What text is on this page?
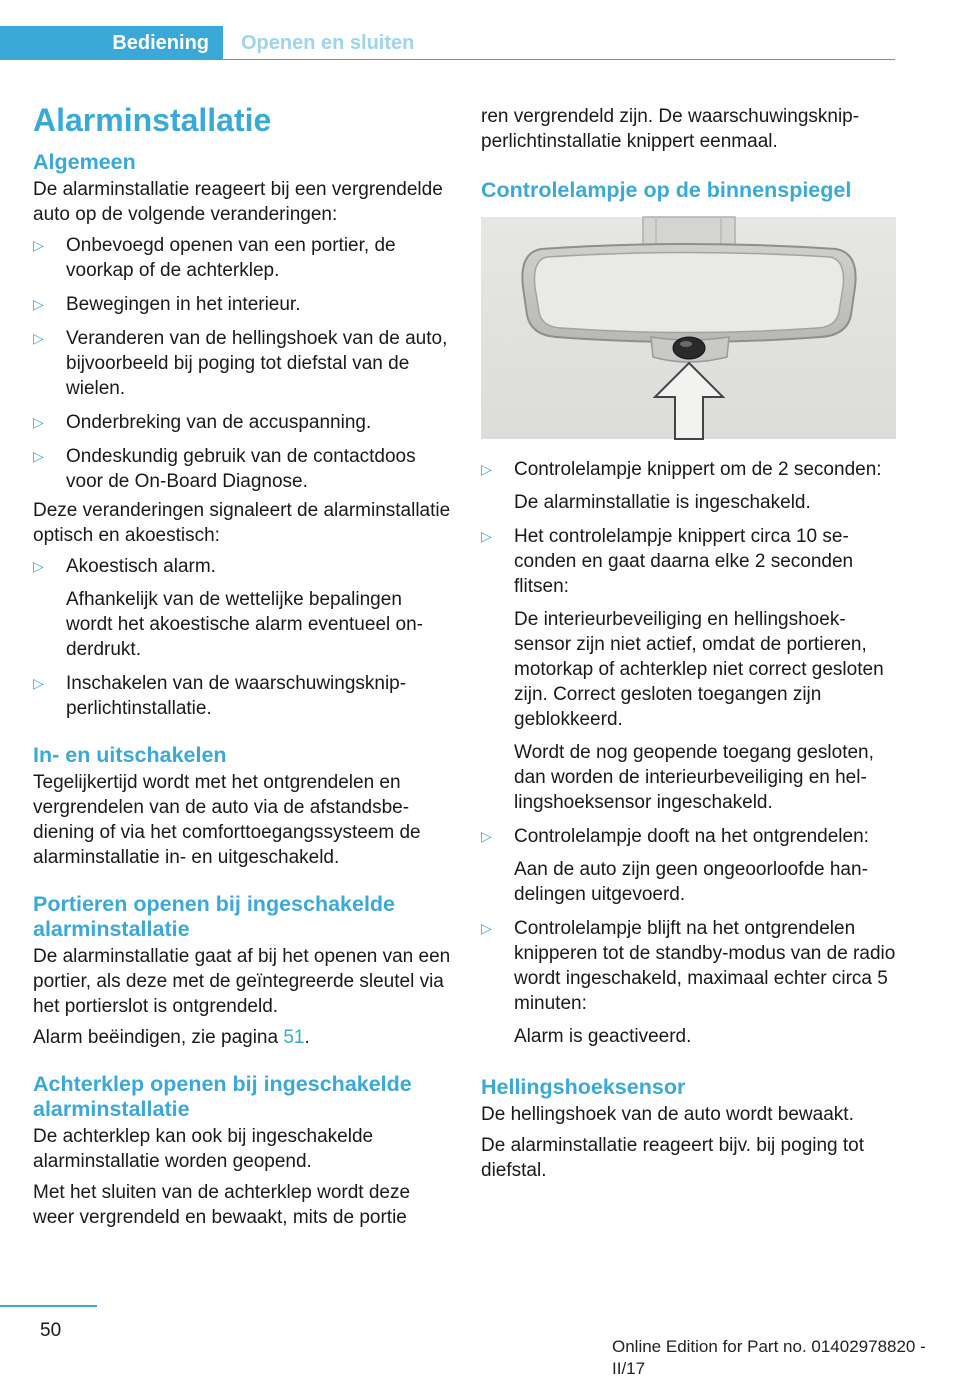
Bediening	Openen en sluiten
Alarminstallatie
Algemeen

De alarminstallatie reageert bij een vergrendelde auto op de volgende veranderingen:

▷ Onbevoegd openen van een portier, de voorkap of de achterklep.
▷ Bewegingen in het interieur.
▷ Veranderen van de hellingshoek van de auto, bijvoorbeeld bij poging tot diefstal van de wielen.
▷ Onderbreking van de accuspanning.
▷ Ondeskundig gebruik van de contactdoos voor de On-Board Diagnose.

Deze veranderingen signaleert de alarminstallatie optisch en akoestisch:

▷ Akoestisch alarm.
Afhankelijk van de wettelijke bepalingen wordt het akoestische alarm eventueel onderdrukt.
▷ Inschakelen van de waarschuwingsknipperlichtinstallatie.
In- en uitschakelen

Tegelijkertijd wordt met het ontgrendelen en vergrendelen van de auto via de afstandsbediening of via het comforttoegangssysteem de alarminstallatie in- en uitgeschakeld.

Portieren openen bij ingeschakelde alarminstallatie

De alarminstallatie gaat af bij het openen van een portier, als deze met de geïntegreerde sleutel via het portierslot is ontgrendeld.

Alarm beëindigen, zie pagina 51.

Achterklep openen bij ingeschakelde alarminstallatie

De achterklep kan ook bij ingeschakelde alarminstallatie worden geopend.

Met het sluiten van de achterklep wordt deze weer vergrendeld en bewaakt, mits de portie

ren vergrendeld zijn. De waarschuwingsknipperlichtinstallatie knippert eenmaal.

Controlelampje op de binnenspiegel
▷ Controlelampje knippert om de 2 seconden:
De alarminstallatie is ingeschakeld.
▷ Het controlelampje knippert circa 10 seconden en gaat daarna elke 2 seconden flitsen:
De interieurbeveiliging en hellingshoeksensor zijn niet actief, omdat de portieren, motorkap of achterklep niet correct gesloten zijn. Correct gesloten toegangen zijn geblokkeerd.
Wordt de nog geopende toegang gesloten, dan worden de interieurbeveiliging en hellingshoeksensor ingeschakeld.
▷ Controlelampje dooft na het ontgrendelen:
Aan de auto zijn geen ongeoorloofde handelingen uitgevoerd.
▷ Controlelampje blijft na het ontgrendelen knipperen tot de standby-modus van de radio wordt ingeschakeld, maximaal echter circa 5 minuten:
Alarm is geactiveerd.
Hellingshoeksensor

De hellingshoek van de auto wordt bewaakt.

De alarminstallatie reageert bijv. bij poging tot diefstal.

50
Online Edition for Part no. 01402978820 - II/17
